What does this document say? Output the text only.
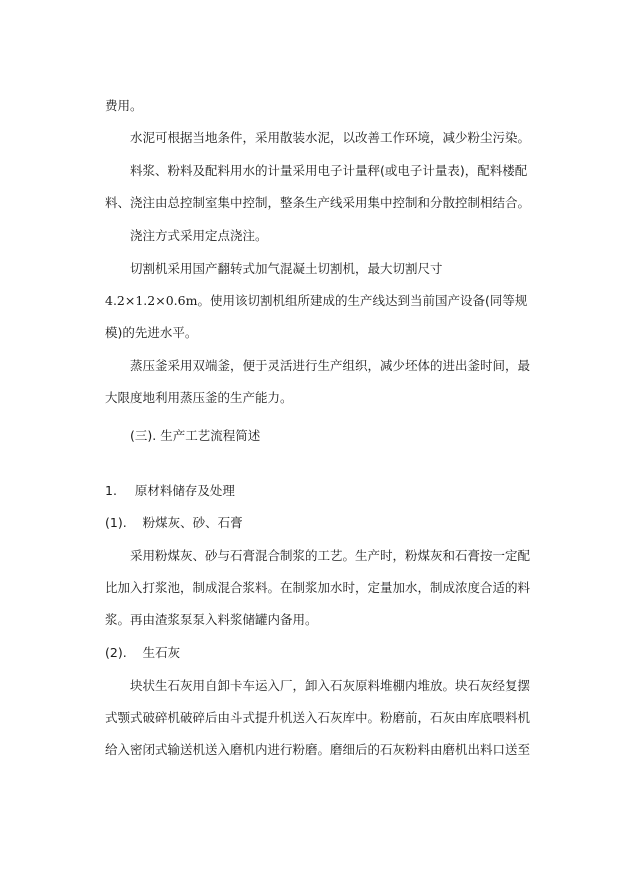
费用。
水泥可根据当地条件，采用散装水泥，以改善工作环境，减少粉尘污染。
料浆、粉料及配料用水的计量采用电子计量秤(或电子计量表)，配料楼配
料、浇注由总控制室集中控制，整条生产线采用集中控制和分散控制相结合。
浇注方式采用定点浇注。
切割机采用国产翻转式加气混凝土切割机，最大切割尺寸
4.2×1.2×0.6m。使用该切割机组所建成的生产线达到当前国产设备(同等规
模)的先进水平。
蒸压釜采用双端釜，便于灵活进行生产组织，减少坯体的进出釜时间，最
大限度地利用蒸压釜的生产能力。
(三). 生产工艺流程简述
1. 原材料储存及处理
(1). 粉煤灰、砂、石膏
采用粉煤灰、砂与石膏混合制浆的工艺。生产时，粉煤灰和石膏按一定配
比加入打浆池，制成混合浆料。在制浆加水时，定量加水，制成浓度合适的料
浆。再由渣浆泵泵入料浆储罐内备用。
(2). 生石灰
块状生石灰用自卸卡车运入厂，卸入石灰原料堆棚内堆放。块石灰经复摆
式颚式破碎机破碎后由斗式提升机送入石灰库中。粉磨前，石灰由库底喂料机
给入密闭式输送机送入磨机内进行粉磨。磨细后的石灰粉料由磨机出料口送至
